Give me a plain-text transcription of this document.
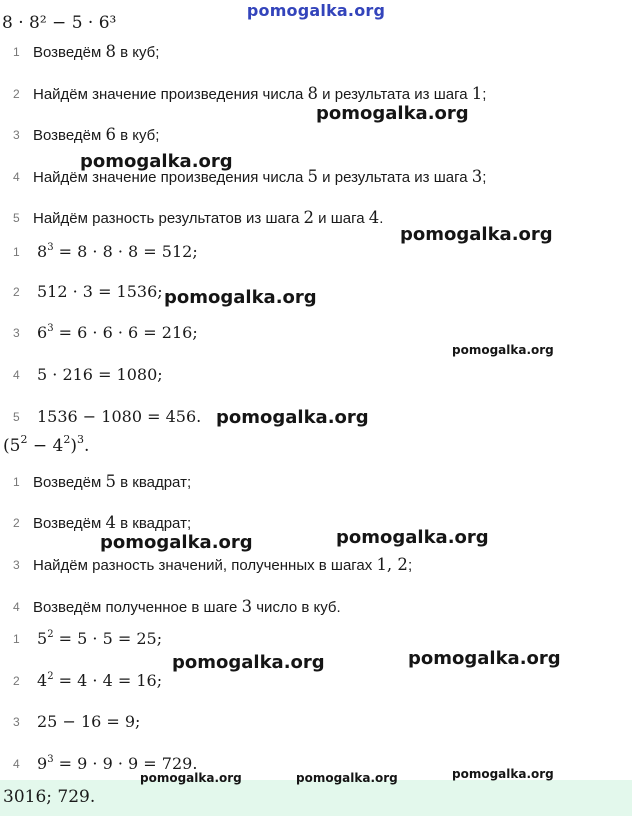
pomogalka.org
8 · 8² − 5 · 6³
1 Возведём 8 в куб;
2 Найдём значение произведения числа 8 и результата из шага 1;
3 Возведём 6 в куб;
4 Найдём значение произведения числа 5 и результата из шага 3;
5 Найдём разность результатов из шага 2 и шага 4.
1	$8^3 = 8 \cdot 8 \cdot 8 = 512$;
2	512 · 3 = 1536;
3	$6^3 = 6 \cdot 6 \cdot 6 = 216$;
4	5 · 216 = 1080;
5	1536 − 1080 = 456.
$(5^2 - 4^2)^3$.
1 Возведём 5 в квадрат;
2 Возведём 4 в квадрат;
3 Найдём разность значений, полученных в шагах 1, 2;
4 Возведём полученное в шаге 3 число в куб.
1	$5^2 = 5 \cdot 5 = 25$;
2	$4^2 = 4 \cdot 4 = 16$;
3	25 − 16 = 9;
4	$9^3 = 9 \cdot 9 \cdot 9 = 729$.
3016; 729.
pomogalka.org
pomogalka.org
pomogalka.org
pomogalka.org
pomogalka.org
pomogalka.org
pomogalka.org
pomogalka.org
pomogalka.org	pomogalka.org
pomogalka.org	pomogalka.org	pomogalka.org
